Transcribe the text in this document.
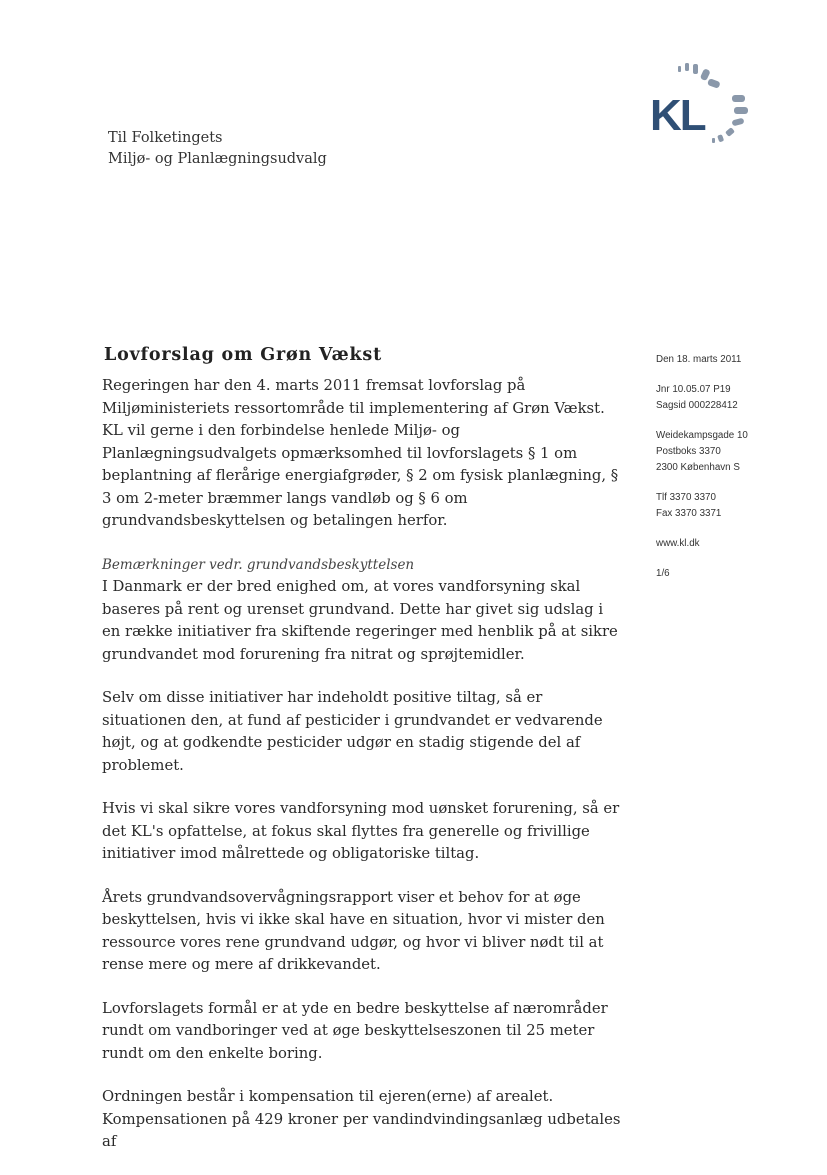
KL
Til Folketingets
Miljø- og Planlægningsudvalg
Lovforslag om Grøn Vækst	Den 18. marts 2011
Jnr 10.05.07 P19
Sagsid 000228412
Weidekampsgade 10
Postboks 3370
2300 København S
Tlf 3370 3370
Fax 3370 3371
www.kl.dk
1/6

Regeringen har den 4. marts 2011 fremsat lovforslag på Miljøministeriets ressortområde til implementering af Grøn Vækst. KL vil gerne i den forbindelse henlede Miljø- og Planlægningsudvalgets opmærksomhed til lovforslagets § 1 om beplantning af flerårige energiafgrøder, § 2 om fysisk planlægning, § 3 om 2-meter bræmmer langs vandløb og § 6 om grundvandsbeskyttelsen og betalingen herfor.

Bemærkninger vedr. grundvandsbeskyttelsen

I Danmark er der bred enighed om, at vores vandforsyning skal baseres på rent og urenset grundvand. Dette har givet sig udslag i en række initiativer fra skiftende regeringer med henblik på at sikre grundvandet mod forurening fra nitrat og sprøjtemidler.

Selv om disse initiativer har indeholdt positive tiltag, så er situationen den, at fund af pesticider i grundvandet er vedvarende højt, og at godkendte pesticider udgør en stadig stigende del af problemet.

Hvis vi skal sikre vores vandforsyning mod uønsket forurening, så er det KL's opfattelse, at fokus skal flyttes fra generelle og frivillige initiativer imod målrettede og obligatoriske tiltag.

Årets grundvandsovervågningsrapport viser et behov for at øge beskyttelsen, hvis vi ikke skal have en situation, hvor vi mister den ressource vores rene grundvand udgør, og hvor vi bliver nødt til at rense mere og mere af drikkevandet.

Lovforslagets formål er at yde en bedre beskyttelse af nærområder rundt om vandboringer ved at øge beskyttelseszonen til 25 meter rundt om den enkelte boring.

Ordningen består i kompensation til ejeren(erne) af arealet. Kompensationen på 429 kroner per vandindvindingsanlæg udbetales af
